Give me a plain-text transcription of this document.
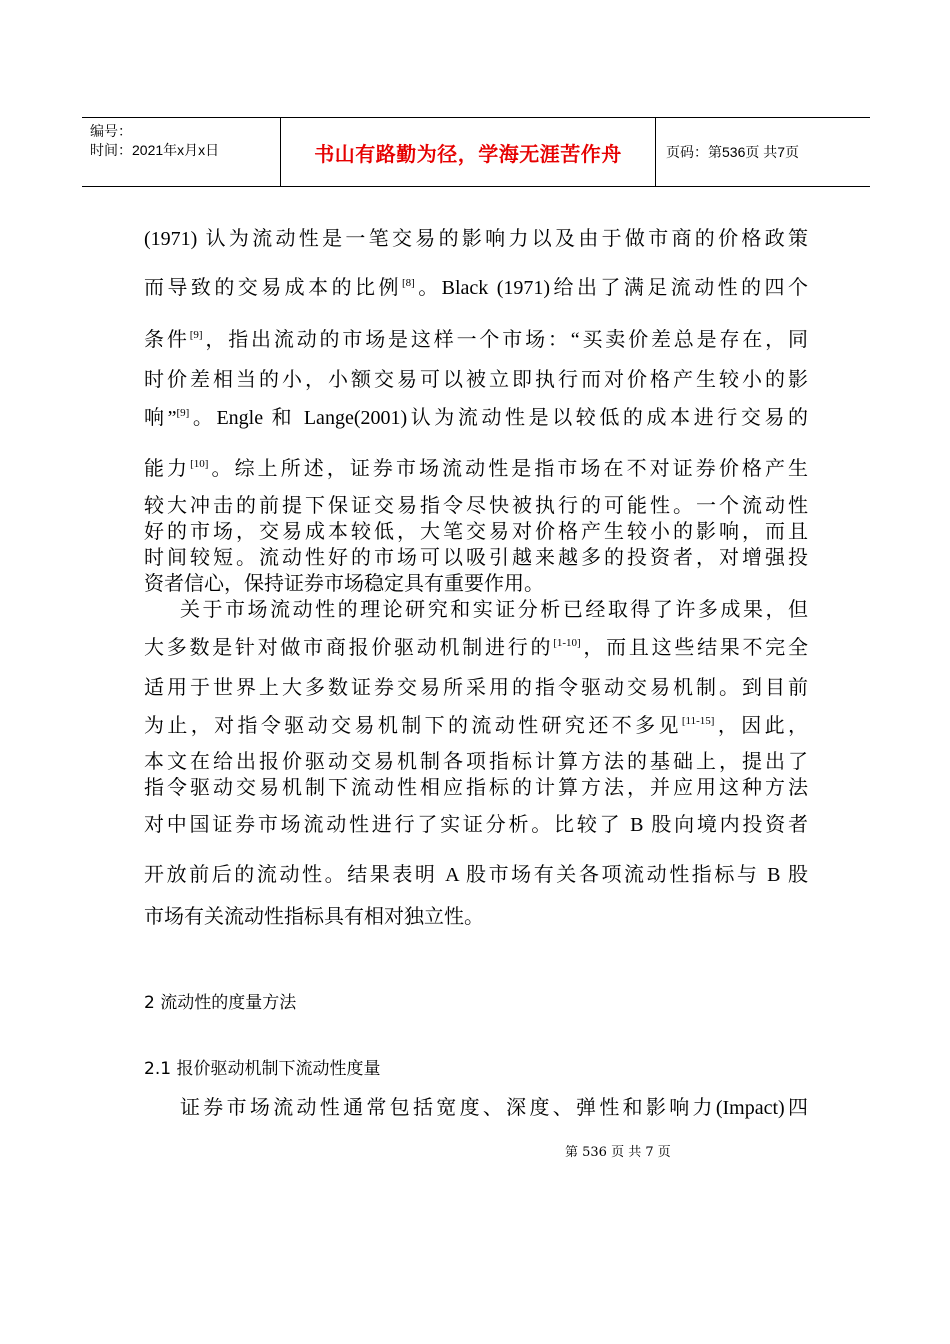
编号：
时间：2021年x月x日	书山有路勤为径，学海无涯苦作舟	页码：第536页 共7页
(1971) 认为流动性是一笔交易的影响力以及由于做市商的价格政策
而导致的交易成本的比例[8]。Black (1971)给出了满足流动性的四个
条件[9]，指出流动的市场是这样一个市场：“买卖价差总是存在，同
时价差相当的小，小额交易可以被立即执行而对价格产生较小的影
响”[9]。Engle 和 Lange(2001)认为流动性是以较低的成本进行交易的
能力[10]。综上所述，证券市场流动性是指市场在不对证券价格产生
较大冲击的前提下保证交易指令尽快被执行的可能性。一个流动性
好的市场，交易成本较低，大笔交易对价格产生较小的影响，而且
时间较短。流动性好的市场可以吸引越来越多的投资者，对增强投
资者信心，保持证券市场稳定具有重要作用。
关于市场流动性的理论研究和实证分析已经取得了许多成果，但
大多数是针对做市商报价驱动机制进行的[1-10]，而且这些结果不完全
适用于世界上大多数证券交易所采用的指令驱动交易机制。到目前
为止，对指令驱动交易机制下的流动性研究还不多见[11-15]，因此，
本文在给出报价驱动交易机制各项指标计算方法的基础上，提出了
指令驱动交易机制下流动性相应指标的计算方法，并应用这种方法
对中国证券市场流动性进行了实证分析。比较了 B 股向境内投资者
开放前后的流动性。结果表明 A 股市场有关各项流动性指标与 B 股
市场有关流动性指标具有相对独立性。
2 流动性的度量方法
2.1 报价驱动机制下流动性度量
证券市场流动性通常包括宽度、深度、弹性和影响力(Impact)四
第 536 页 共 7 页
